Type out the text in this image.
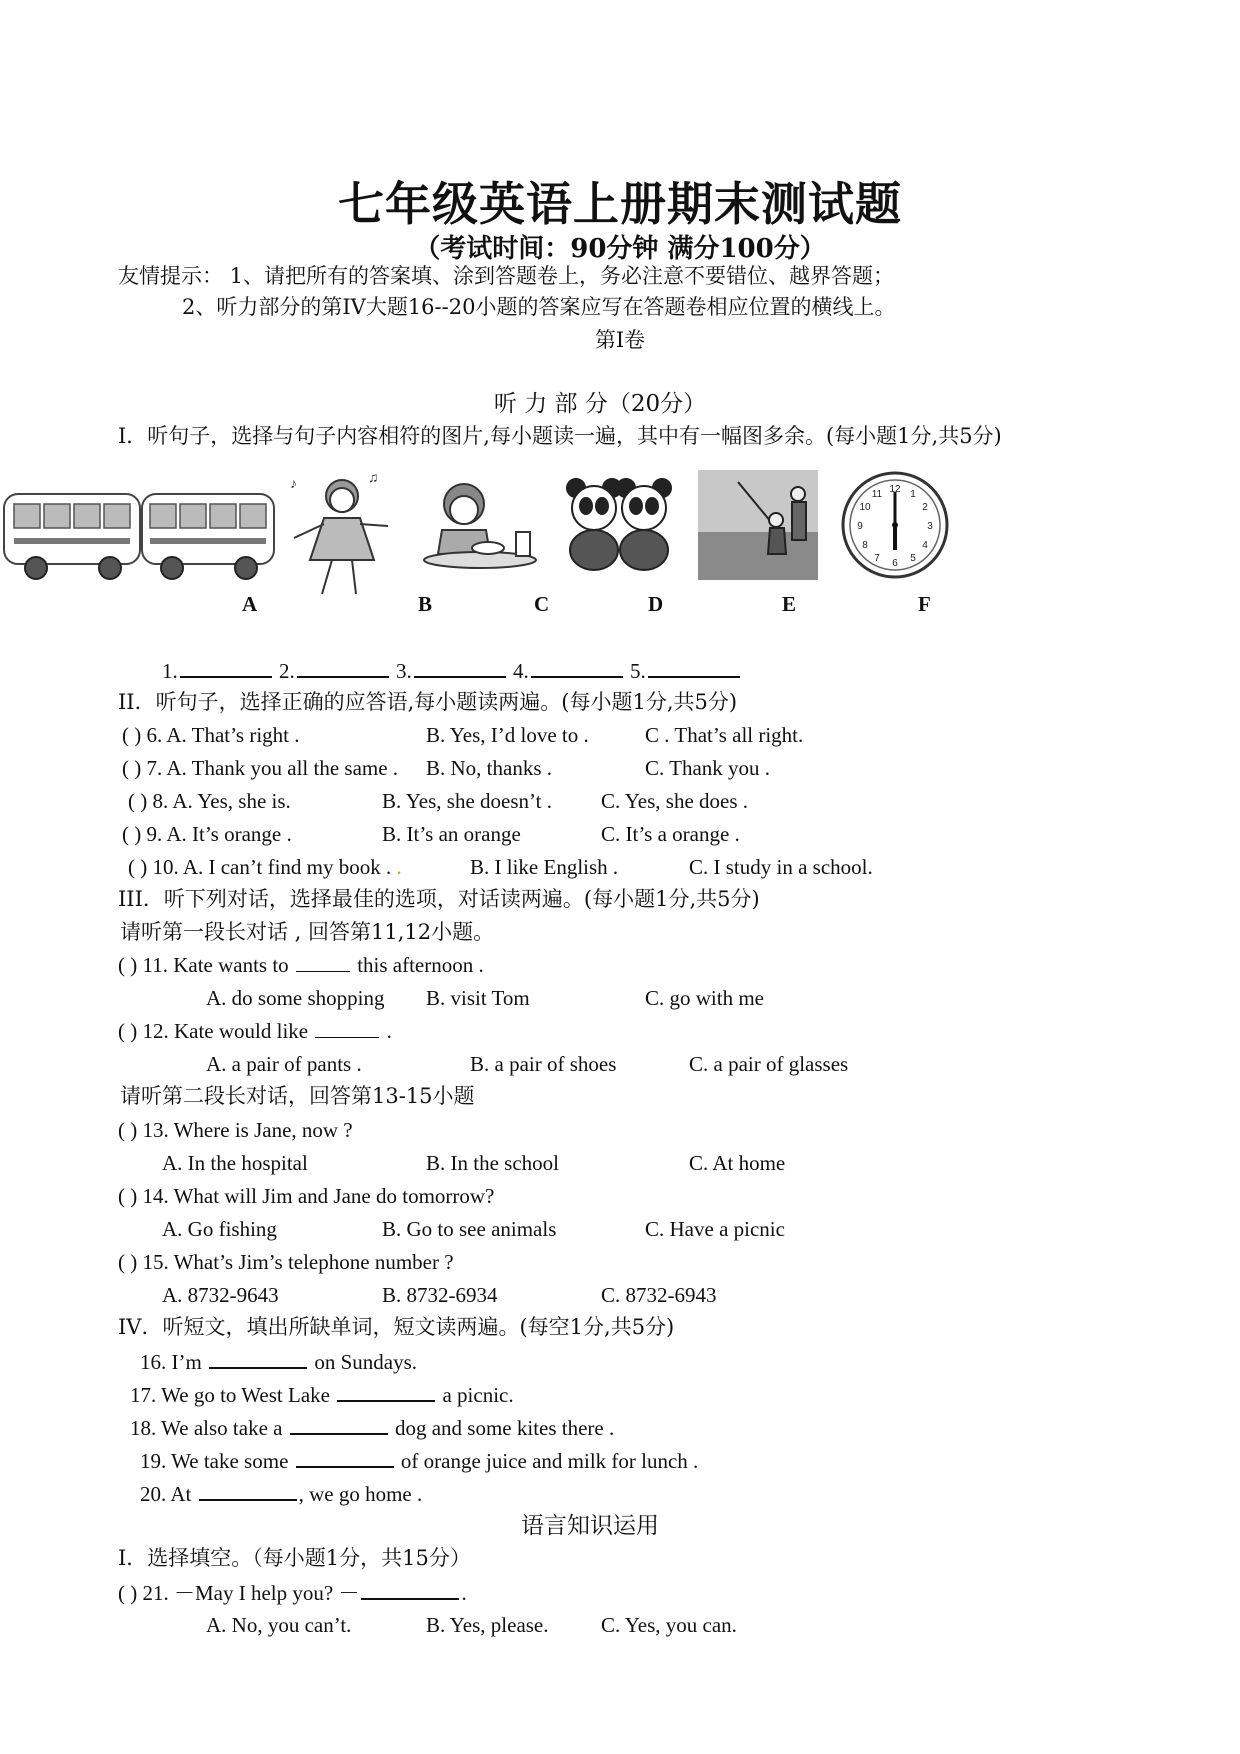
七年级英语上册期末测试题
（考试时间：90分钟 满分100分）
友情提示： 1、请把所有的答案填、涂到答题卷上，务必注意不要错位、越界答题；
2、听力部分的第IV大题16--20小题的答案应写在答题卷相应位置的横线上。
第I卷
听 力 部 分（20分）
I．听句子，选择与句子内容相符的图片,每小题读一遍，其中有一幅图多余。(每小题1分,共5分)
♪	♫
12
3
6
9
1
2
4
5
7
8
10
11
A	B	C	D	E	F
1.	2.	3.	4.	5.
II．听句子，选择正确的应答语,每小题读两遍。(每小题1分,共5分)
( ) 6. A. That’s right .	B. Yes, I’d love to .	C . That’s all right.
( ) 7. A. Thank you all the same . B. No, thanks .	C. Thank you .
( ) 8. A. Yes, she is.	B. Yes, she doesn’t . C. Yes, she does .
( ) 9. A. It’s orange .	B. It’s an orange	C. It’s a orange .
( ) 10. A. I can’t find my book . .	B. I like English .	C. I study in a school.
III．听下列对话，选择最佳的选项，对话读两遍。(每小题1分,共5分)
请听第一段长对话 , 回答第11,12小题。
( ) 11. Kate wants to	this afternoon .
A. do some shopping B. visit Tom	C. go with me
( ) 12. Kate would like	.
A. a pair of pants .	B. a pair of shoes	C. a pair of glasses
请听第二段长对话，回答第13-15小题
( ) 13. Where is Jane, now ?
A. In the hospital	B. In the school	C. At home
( ) 14. What will Jim and Jane do tomorrow?
A. Go fishing	B. Go to see animals	C. Have a picnic
( ) 15. What’s Jim’s telephone number ?
A. 8732-9643	B. 8732-6934	C. 8732-6943
IV．听短文，填出所缺单词，短文读两遍。(每空1分,共5分)
16. I’m	on Sundays.
17. We go to West Lake	a picnic.
18. We also take a	dog and some kites there .
19. We take some	of orange juice and milk for lunch .
20. At	, we go home .
语言知识运用
I．选择填空。（每小题1分，共15分）
( ) 21. －May I help you? －	.
A. No, you can’t.	B. Yes, please. C. Yes, you can.
